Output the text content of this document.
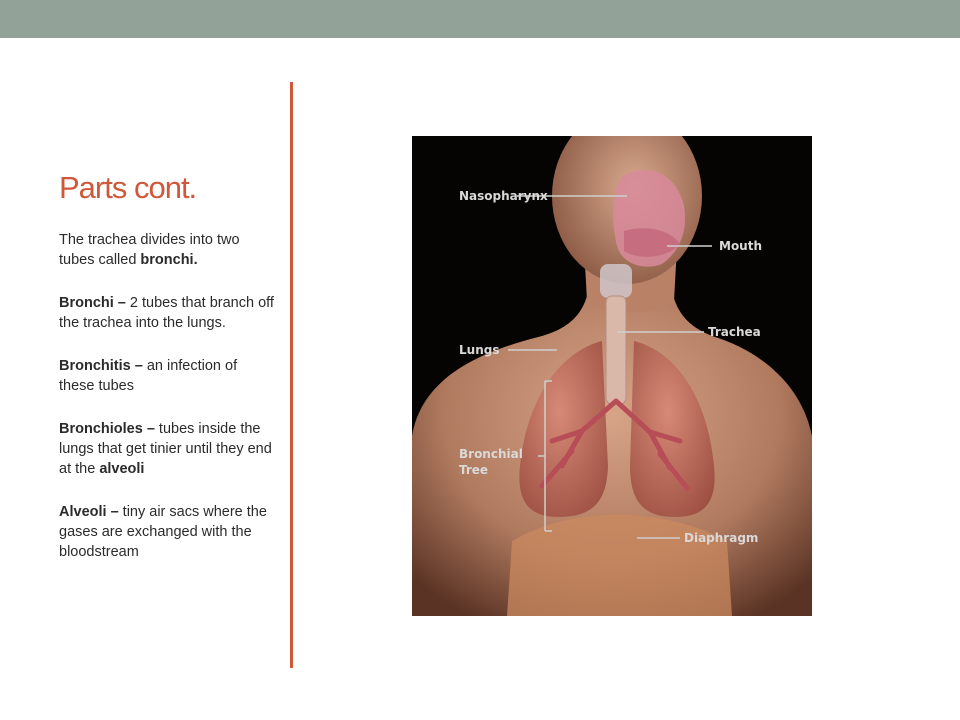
Parts cont.

The trachea divides into two tubes called bronchi.

Bronchi – 2 tubes that branch off the trachea into the lungs.

Bronchitis – an infection of these tubes

Bronchioles – tubes inside the lungs that get tinier until they end at the alveoli

Alveoli – tiny air sacs where the gases are exchanged with the bloodstream

Nasopharynx
Mouth
Trachea
Lungs
Bronchial
Tree
Diaphragm
